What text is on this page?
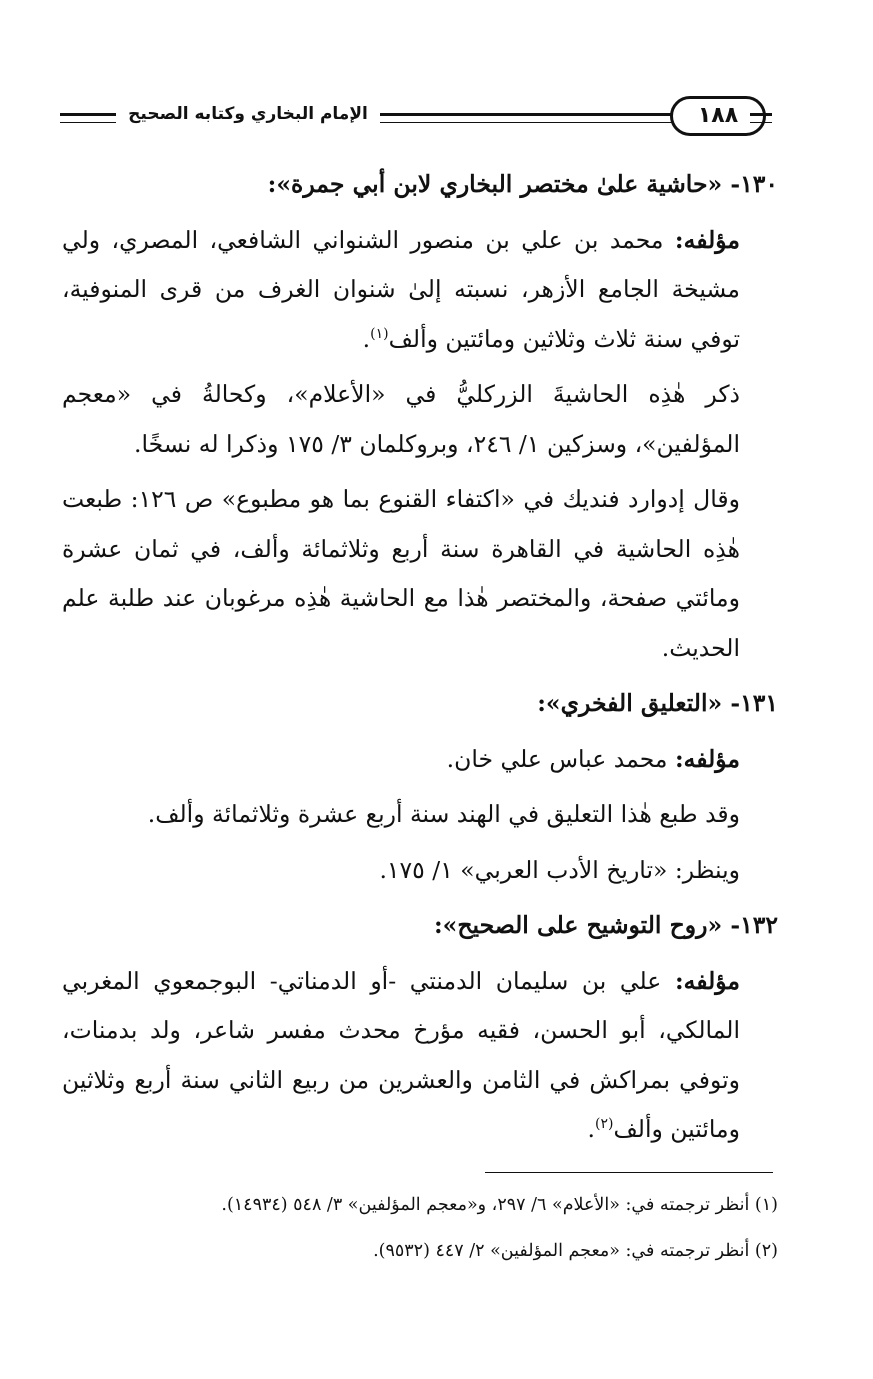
الإمام البخاري وكتابه الصحيح	١٨٨

١٣٠- «حاشية علىٰ مختصر البخاري لابن أبي جمرة»:

مؤلفه: محمد بن علي بن منصور الشنواني الشافعي، المصري، ولي مشيخة الجامع الأزهر، نسبته إلىٰ شنوان الغرف من قرى المنوفية، توفي سنة ثلاث وثلاثين ومائتين وألف$^{(١)}$.

ذكر هٰذِه الحاشيةَ الزركليُّ في «الأعلام»، وكحالةُ في «معجم المؤلفين»، وسزكين ١/ ٢٤٦، وبروكلمان ٣/ ١٧٥ وذكرا له نسخًا.

وقال إدوارد فنديك في «اكتفاء القنوع بما هو مطبوع» ص ١٢٦: طبعت هٰذِه الحاشية في القاهرة سنة أربع وثلاثمائة وألف، في ثمان عشرة ومائتي صفحة، والمختصر هٰذا مع الحاشية هٰذِه مرغوبان عند طلبة علم الحديث.

١٣١- «التعليق الفخري»:

مؤلفه: محمد عباس علي خان.

وقد طبع هٰذا التعليق في الهند سنة أربع عشرة وثلاثمائة وألف.

وينظر: «تاريخ الأدب العربي» ١/ ١٧٥.

١٣٢- «روح التوشيح على الصحيح»:

مؤلفه: علي بن سليمان الدمنتي -أو الدمناتي- البوجمعوي المغربي المالكي، أبو الحسن، فقيه مؤرخ محدث مفسر شاعر، ولد بدمنات، وتوفي بمراكش في الثامن والعشرين من ربيع الثاني سنة أربع وثلاثين ومائتين وألف$^{(٢)}$.

(١) أنظر ترجمته في: «الأعلام» ٦/ ٢٩٧، و«معجم المؤلفين» ٣/ ٥٤٨ (١٤٩٣٤).
(٢) أنظر ترجمته في: «معجم المؤلفين» ٢/ ٤٤٧ (٩٥٣٢).
